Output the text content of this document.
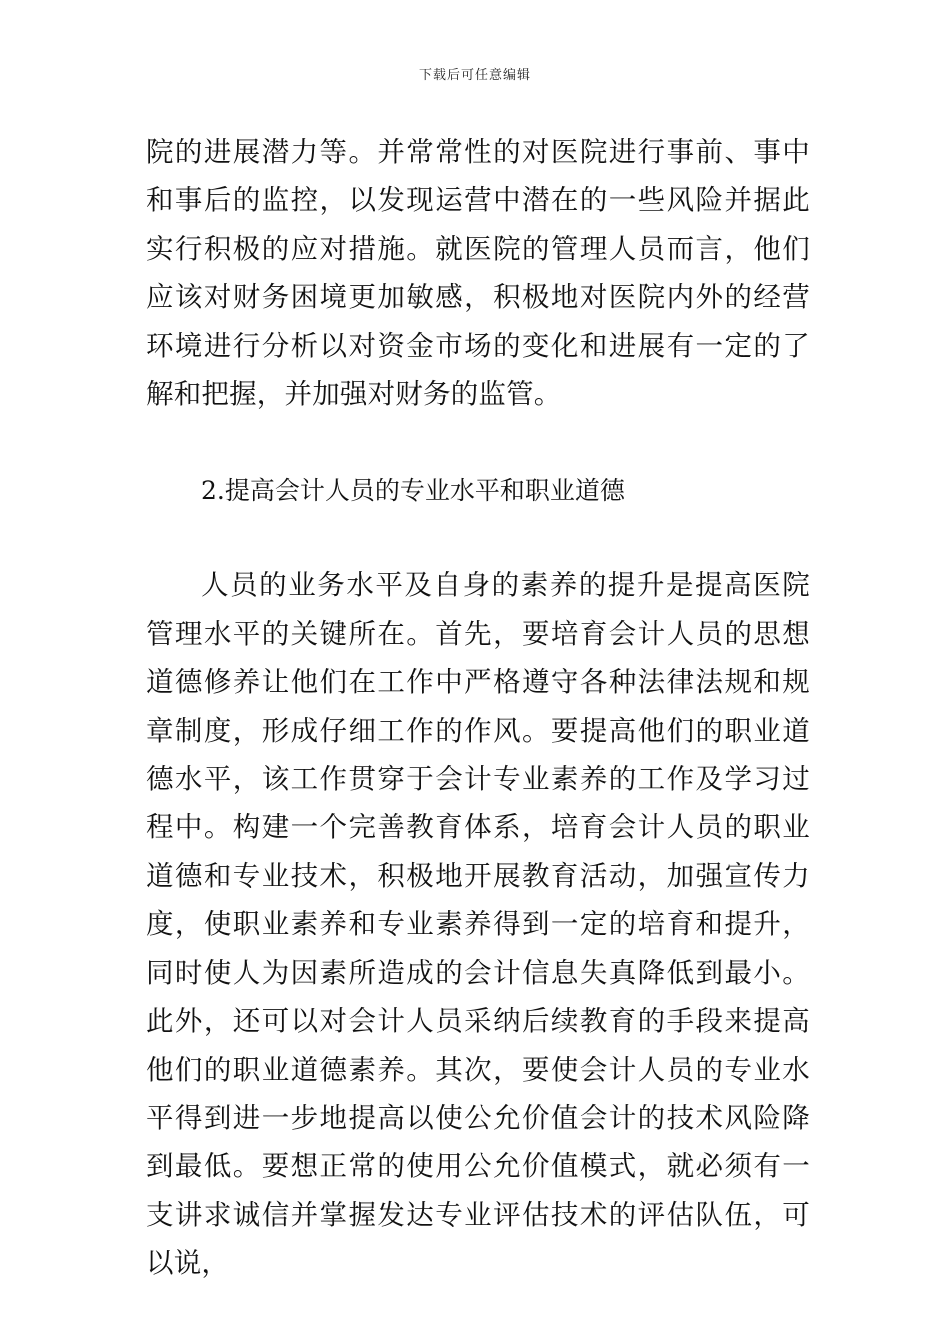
下载后可任意编辑

院的进展潜力等。并常常性的对医院进行事前、事中和事后的监控，以发现运营中潜在的一些风险并据此实行积极的应对措施。就医院的管理人员而言，他们应该对财务困境更加敏感，积极地对医院内外的经营环境进行分析以对资金市场的变化和进展有一定的了解和把握，并加强对财务的监管。

2.提高会计人员的专业水平和职业道德

人员的业务水平及自身的素养的提升是提高医院管理水平的关键所在。首先，要培育会计人员的思想道德修养让他们在工作中严格遵守各种法律法规和规章制度，形成仔细工作的作风。要提高他们的职业道德水平，该工作贯穿于会计专业素养的工作及学习过程中。构建一个完善教育体系，培育会计人员的职业道德和专业技术，积极地开展教育活动，加强宣传力度，使职业素养和专业素养得到一定的培育和提升，同时使人为因素所造成的会计信息失真降低到最小。此外，还可以对会计人员采纳后续教育的手段来提高他们的职业道德素养。其次，要使会计人员的专业水平得到进一步地提高以使公允价值会计的技术风险降到最低。要想正常的使用公允价值模式，就必须有一支讲求诚信并掌握发达专业评估技术的评估队伍，可以说，
